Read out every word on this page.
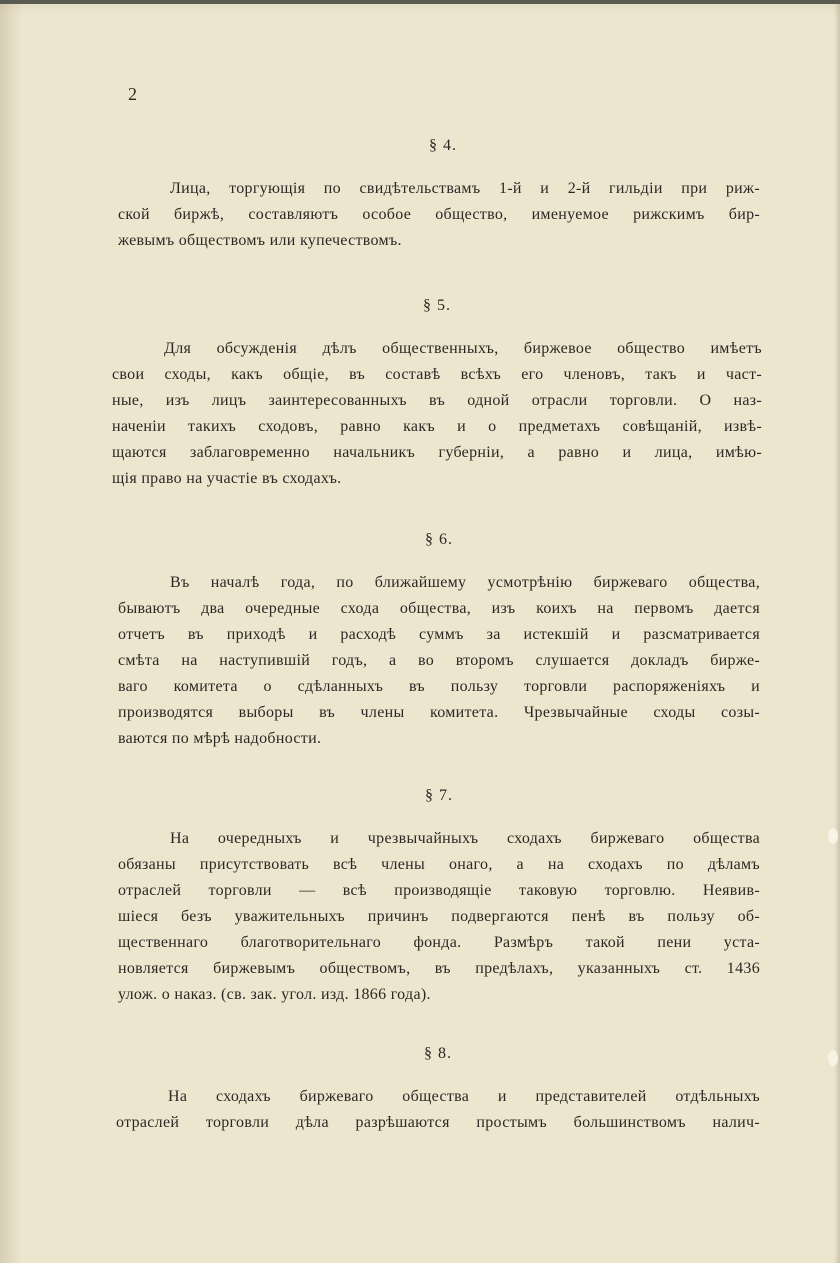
2
§ 4.
Лица, торгующія по свидѣтельствамъ 1-й и 2-й гильдіи при риж-
ской биржѣ, составляютъ особое общество, именуемое рижскимъ бир-
жевымъ обществомъ или купечествомъ.
§ 5.
Для обсужденія дѣлъ общественныхъ, биржевое общество имѣетъ
свои сходы, какъ общіе, въ составѣ всѣхъ его членовъ, такъ и част-
ные, изъ лицъ заинтересованныхъ въ одной отрасли торговли. О наз-
наченіи такихъ сходовъ, равно какъ и о предметахъ совѣщаній, извѣ-
щаются заблаговременно начальникъ губерніи, а равно и лица, имѣю-
щія право на участіе въ сходахъ.
§ 6.
Въ началѣ года, по ближайшему усмотрѣнію биржеваго общества,
бываютъ два очередные схода общества, изъ коихъ на первомъ дается
отчетъ въ приходѣ и расходѣ суммъ за истекшій и разсматривается
смѣта на наступившій годъ, а во второмъ слушается докладъ бирже-
ваго комитета о сдѣланныхъ въ пользу торговли распоряженіяхъ и
производятся выборы въ члены комитета. Чрезвычайные сходы созы-
ваются по мѣрѣ надобности.
§ 7.
На очередныхъ и чрезвычайныхъ сходахъ биржеваго общества
обязаны присутствовать всѣ члены онаго, а на сходахъ по дѣламъ
отраслей торговли — всѣ производящіе таковую торговлю. Неявив-
шіеся безъ уважительныхъ причинъ подвергаются пенѣ въ пользу об-
щественнаго благотворительнаго фонда. Размѣръ такой пени уста-
новляется биржевымъ обществомъ, въ предѣлахъ, указанныхъ ст. 1436
улож. о наказ. (св. зак. угол. изд. 1866 года).
§ 8.
На сходахъ биржеваго общества и представителей отдѣльныхъ
отраслей торговли дѣла разрѣшаются простымъ большинствомъ налич-
